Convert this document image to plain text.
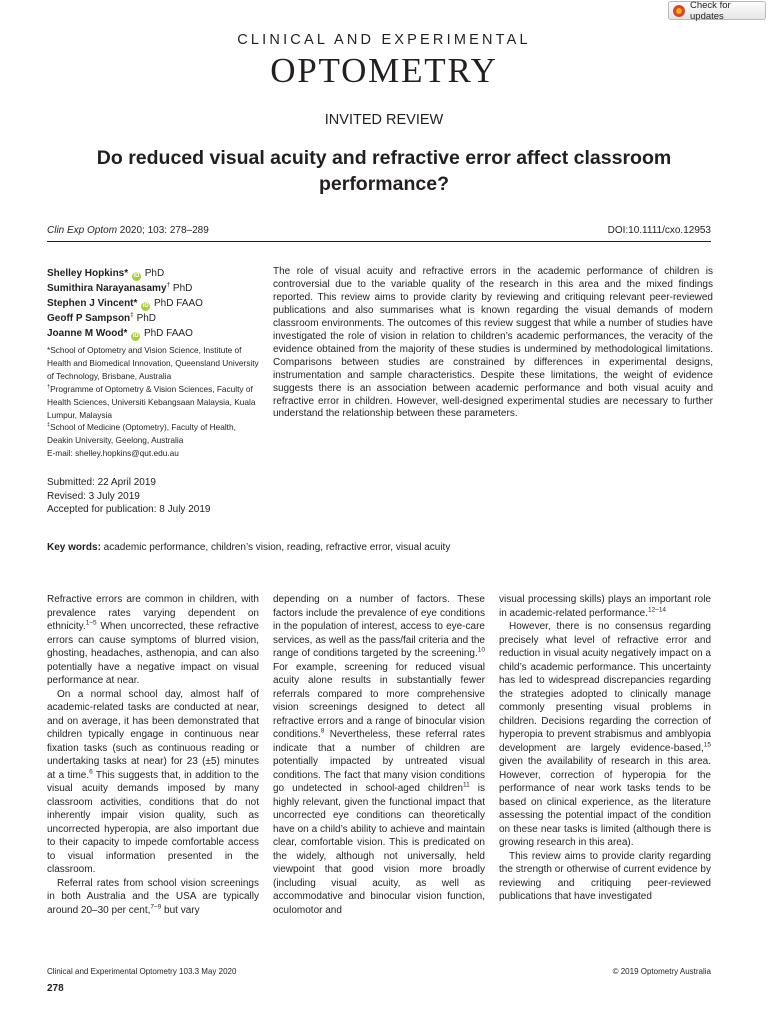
Check for updates
CLINICAL AND EXPERIMENTAL
OPTOMETRY
INVITED REVIEW
Do reduced visual acuity and refractive error affect classroom performance?
Clin Exp Optom 2020; 103: 278–289	DOI:10.1111/cxo.12953
Shelley Hopkins* iD PhD
Sumithira Narayanasamy† PhD
Stephen J Vincent* iD PhD FAAO
Geoff P Sampson‡ PhD
Joanne M Wood* iD PhD FAAO
*School of Optometry and Vision Science, Institute of Health and Biomedical Innovation, Queensland University of Technology, Brisbane, Australia
†Programme of Optometry & Vision Sciences, Faculty of Health Sciences, Universiti Kebangsaan Malaysia, Kuala Lumpur, Malaysia
‡School of Medicine (Optometry), Faculty of Health, Deakin University, Geelong, Australia
E-mail: shelley.hopkins@qut.edu.au

The role of visual acuity and refractive errors in the academic performance of children is controversial due to the variable quality of the research in this area and the mixed findings reported. This review aims to provide clarity by reviewing and critiquing relevant peer-reviewed publications and also summarises what is known regarding the visual demands of modern classroom environments. The outcomes of this review suggest that while a number of studies have investigated the role of vision in relation to children’s academic performances, the veracity of the evidence obtained from the majority of these studies is undermined by methodological limitations. Comparisons between studies are constrained by differences in experimental designs, instrumentation and sample characteristics. Despite these limitations, the weight of evidence suggests there is an association between academic performance and both visual acuity and refractive error in children. However, well-designed experimental studies are necessary to further understand the relationship between these parameters.

Submitted: 22 April 2019
Revised: 3 July 2019
Accepted for publication: 8 July 2019
Key words: academic performance, children’s vision, reading, refractive error, visual acuity

Refractive errors are common in children, with prevalence rates varying dependent on ethnicity.$^{1-5}$ When uncorrected, these refractive errors can cause symptoms of blurred vision, ghosting, headaches, asthenopia, and can also potentially have a negative impact on visual performance at near.

On a normal school day, almost half of academic-related tasks are conducted at near, and on average, it has been demonstrated that children typically engage in continuous near fixation tasks (such as continuous reading or undertaking tasks at near) for 23 (±5) minutes at a time.$^6$ This suggests that, in addition to the visual acuity demands imposed by many classroom activities, conditions that do not inherently impair vision quality, such as uncorrected hyperopia, are also important due to their capacity to impede comfortable access to visual information presented in the classroom.

Referral rates from school vision screenings in both Australia and the USA are typically around 20–30 per cent,$^{7-9}$ but vary

depending on a number of factors. These factors include the prevalence of eye conditions in the population of interest, access to eye-care services, as well as the pass/fail criteria and the range of conditions targeted by the screening.$^{10}$ For example, screening for reduced visual acuity alone results in substantially fewer referrals compared to more comprehensive vision screenings designed to detect all refractive errors and a range of binocular vision conditions.$^8$ Nevertheless, these referral rates indicate that a number of children are potentially impacted by untreated visual conditions. The fact that many vision conditions go undetected in school-aged children$^{11}$ is highly relevant, given the functional impact that uncorrected eye conditions can theoretically have on a child’s ability to achieve and maintain clear, comfortable vision. This is predicated on the widely, although not universally, held viewpoint that good vision more broadly (including visual acuity, as well as accommodative and binocular vision function, oculomotor and

visual processing skills) plays an important role in academic-related performance.$^{12-14}$

However, there is no consensus regarding precisely what level of refractive error and reduction in visual acuity negatively impact on a child’s academic performance. This uncertainty has led to widespread discrepancies regarding the strategies adopted to clinically manage commonly presenting visual problems in children. Decisions regarding the correction of hyperopia to prevent strabismus and amblyopia development are largely evidence-based,$^{15}$ given the availability of research in this area. However, correction of hyperopia for the performance of near work tasks tends to be based on clinical experience, as the literature assessing the potential impact of the condition on these near tasks is limited (although there is growing research in this area).

This review aims to provide clarity regarding the strength or otherwise of current evidence by reviewing and critiquing peer-reviewed publications that have investigated

Clinical and Experimental Optometry 103.3 May 2020	© 2019 Optometry Australia
278
